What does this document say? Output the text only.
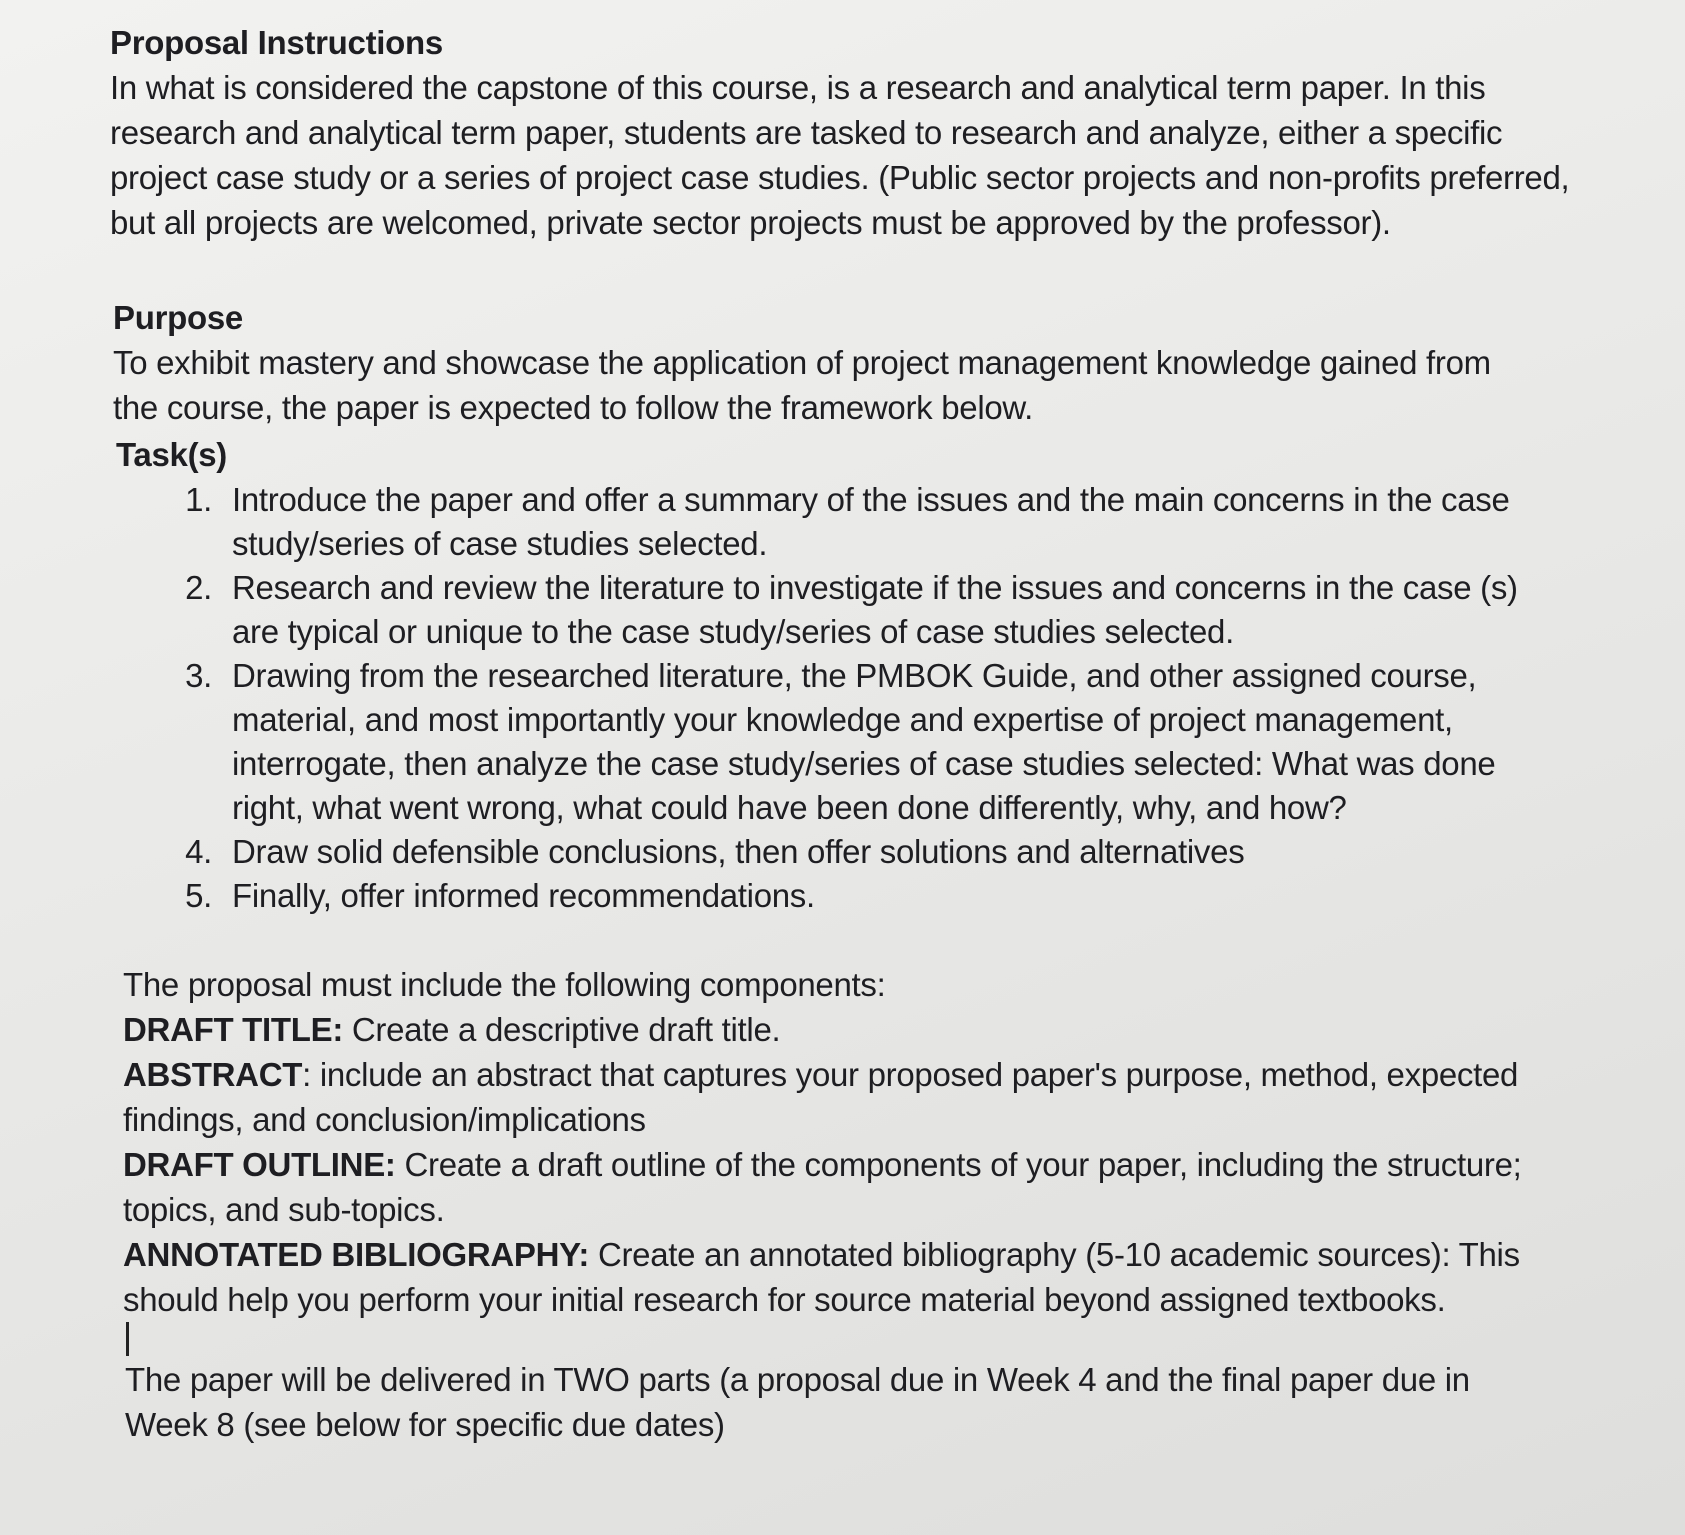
Proposal Instructions

In what is considered the capstone of this course, is a research and analytical term paper. In this research and analytical term paper, students are tasked to research and analyze, either a specific project case study or a series of project case studies. (Public sector projects and non-profits preferred, but all projects are welcomed, private sector projects must be approved by the professor).

Purpose

To exhibit mastery and showcase the application of project management knowledge gained from the course, the paper is expected to follow the framework below.

Task(s)
1. Introduce the paper and offer a summary of the issues and the main concerns in the case study/series of case studies selected.
2. Research and review the literature to investigate if the issues and concerns in the case (s) are typical or unique to the case study/series of case studies selected.
3. Drawing from the researched literature, the PMBOK Guide, and other assigned course, material, and most importantly your knowledge and expertise of project management, interrogate, then analyze the case study/series of case studies selected: What was done right, what went wrong, what could have been done differently, why, and how?
4. Draw solid defensible conclusions, then offer solutions and alternatives
5. Finally, offer informed recommendations.

The proposal must include the following components:

DRAFT TITLE: Create a descriptive draft title.

ABSTRACT: include an abstract that captures your proposed paper's purpose, method, expected findings, and conclusion/implications

DRAFT OUTLINE: Create a draft outline of the components of your paper, including the structure; topics, and sub-topics.

ANNOTATED BIBLIOGRAPHY: Create an annotated bibliography (5-10 academic sources): This should help you perform your initial research for source material beyond assigned textbooks.

The paper will be delivered in TWO parts (a proposal due in Week 4 and the final paper due in Week 8 (see below for specific due dates)
